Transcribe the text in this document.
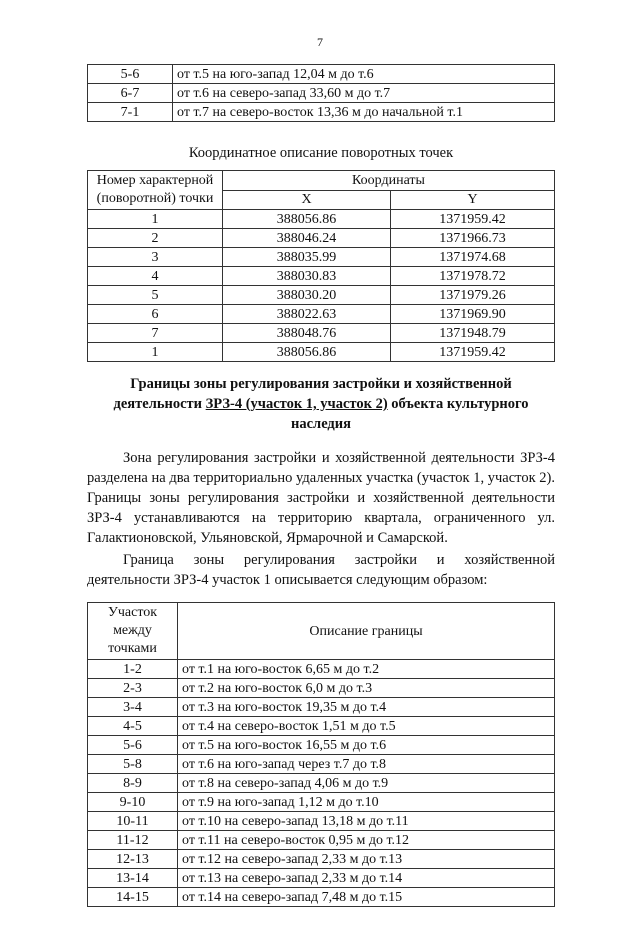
7
5-6	от т.5 на юго-запад 12,04 м до т.6
6-7	от т.6 на северо-запад 33,60 м до т.7
7-1	от т.7 на северо-восток 13,36 м до начальной т.1
Координатное описание поворотных точек
Номер характерной (поворотной) точки	Координаты	
	X	Y
1	388056.86	1371959.42
2	388046.24	1371966.73
3	388035.99	1371974.68
4	388030.83	1371978.72
5	388030.20	1371979.26
6	388022.63	1371969.90
7	388048.76	1371948.79
1	388056.86	1371959.42
Границы зоны регулирования застройки и хозяйственной деятельности ЗРЗ-4 (участок 1, участок 2) объекта культурного наследия
Зона регулирования застройки и хозяйственной деятельности ЗРЗ-4 разделена на два территориально удаленных участка (участок 1, участок 2). Границы зоны регулирования застройки и хозяйственной деятельности ЗРЗ-4 устанавливаются на территорию квартала, ограниченного ул. Галактионовской, Ульяновской, Ярмарочной и Самарской.
Граница зоны регулирования застройки и хозяйственной деятельности ЗРЗ-4 участок 1 описывается следующим образом:
Участок между точками	Описание границы
1-2	от т.1 на юго-восток 6,65 м до т.2
2-3	от т.2 на юго-восток 6,0 м до т.3
3-4	от т.3 на юго-восток 19,35 м до т.4
4-5	от т.4 на северо-восток 1,51 м до т.5
5-6	от т.5 на юго-восток 16,55 м до т.6
5-8	от т.6 на юго-запад через т.7 до т.8
8-9	от т.8 на северо-запад 4,06 м до т.9
9-10	от т.9 на юго-запад 1,12 м до т.10
10-11	от т.10 на северо-запад 13,18 м до т.11
11-12	от т.11 на северо-восток 0,95 м до т.12
12-13	от т.12 на северо-запад 2,33 м до т.13
13-14	от т.13 на северо-запад 2,33 м до т.14
14-15	от т.14 на северо-запад 7,48 м до т.15
